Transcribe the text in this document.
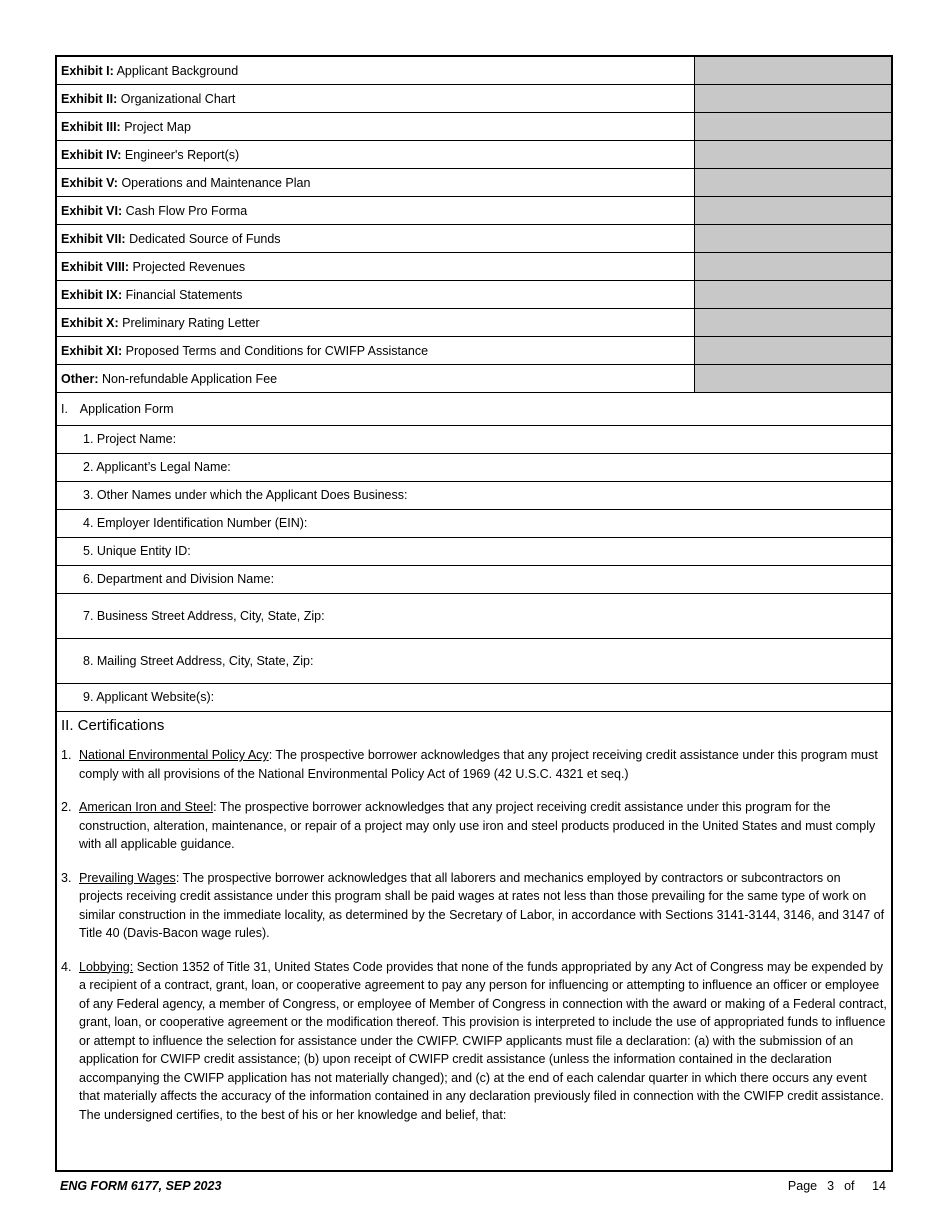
Exhibit I: Applicant Background	
Exhibit II: Organizational Chart	
Exhibit III: Project Map	
Exhibit IV: Engineer's Report(s)	
Exhibit V: Operations and Maintenance Plan	
Exhibit VI: Cash Flow Pro Forma	
Exhibit VII: Dedicated Source of Funds	
Exhibit VIII: Projected Revenues	
Exhibit IX: Financial Statements	
Exhibit X: Preliminary Rating Letter	
Exhibit XI: Proposed Terms and Conditions for CWIFP Assistance	
Other: Non-refundable Application Fee	
I. Application Form
1. Project Name:
2. Applicant’s Legal Name:
3. Other Names under which the Applicant Does Business:
4. Employer Identification Number (EIN):
5. Unique Entity ID:
6. Department and Division Name:
7. Business Street Address, City, State, Zip:
8. Mailing Street Address, City, State, Zip:
9. Applicant Website(s):
II. Certifications
1. National Environmental Policy Acy: The prospective borrower acknowledges that any project receiving credit assistance under this program must comply with all provisions of the National Environmental Policy Act of 1969 (42 U.S.C. 4321 et seq.)
2. American Iron and Steel: The prospective borrower acknowledges that any project receiving credit assistance under this program for the construction, alteration, maintenance, or repair of a project may only use iron and steel products produced in the United States and must comply with all applicable guidance.
3. Prevailing Wages: The prospective borrower acknowledges that all laborers and mechanics employed by contractors or subcontractors on projects receiving credit assistance under this program shall be paid wages at rates not less than those prevailing for the same type of work on similar construction in the immediate locality, as determined by the Secretary of Labor, in accordance with Sections 3141-3144, 3146, and 3147 of Title 40 (Davis-Bacon wage rules).
4. Lobbying: Section 1352 of Title 31, United States Code provides that none of the funds appropriated by any Act of Congress may be expended by a recipient of a contract, grant, loan, or cooperative agreement to pay any person for influencing or attempting to influence an officer or employee of any Federal agency, a member of Congress, or employee of Member of Congress in connection with the award or making of a Federal contract, grant, loan, or cooperative agreement or the modification thereof. This provision is interpreted to include the use of appropriated funds to influence or attempt to influence the selection for assistance under the CWIFP. CWIFP applicants must file a declaration: (a) with the submission of an application for CWIFP credit assistance; (b) upon receipt of CWIFP credit assistance (unless the information contained in the declaration accompanying the CWIFP application has not materially changed); and (c) at the end of each calendar quarter in which there occurs any event that materially affects the accuracy of the information contained in any declaration previously filed in connection with the CWIFP credit assistance. The undersigned certifies, to the best of his or her knowledge and belief, that:
ENG FORM 6177, SEP 2023	Page 3 of 14
